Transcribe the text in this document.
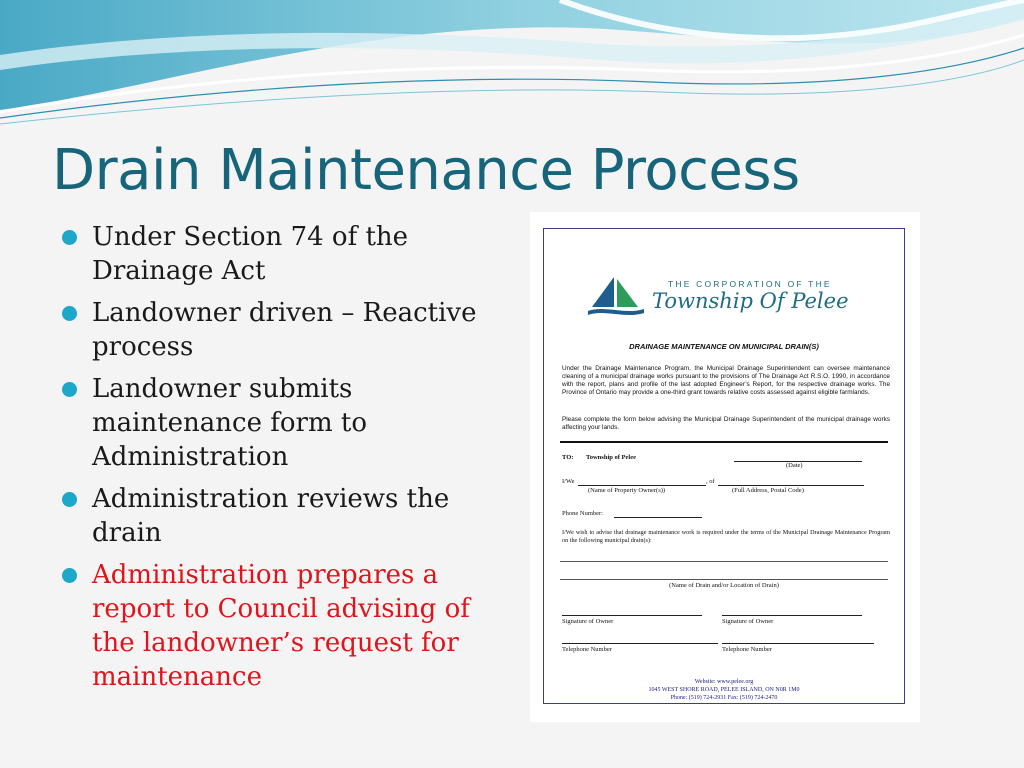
Drain Maintenance Process
Under Section 74 of the Drainage Act
Landowner driven – Reactive process
Landowner submits maintenance form to Administration
Administration reviews the drain
Administration prepares a report to Council advising of the landowner’s request for maintenance
THE CORPORATION OF THE
Township Of Pelee
DRAINAGE MAINTENANCE ON MUNICIPAL DRAIN(S)
Under the Drainage Maintenance Program, the Municipal Drainage Superintendent can oversee maintenance cleaning of a municipal drainage works pursuant to the provisions of The Drainage Act R.S.O. 1990, in accordance with the report, plans and profile of the last adopted Engineer’s Report, for the respective drainage works. The Province of Ontario may provide a one-third grant towards relative costs assessed against eligible farmlands.
Please complete the form below advising the Municipal Drainage Superintendent of the municipal drainage works affecting your lands.
TO: Township of Pelee
(Date)
I/We	, of
(Name of Property Owner(s))	(Full Address, Postal Code)
Phone Number:
I/We wish to advise that drainage maintenance work is required under the terms of the Municipal Drainage Maintenance Program on the following municipal drain(s):
(Name of Drain and/or Location of Drain)
Signature of Owner	Signature of Owner
Telephone Number	Telephone Number
Website: www.pelee.org
1045 WEST SHORE ROAD, PELEE ISLAND, ON N0R 1M0
Phone: (519) 724-2931 Fax: (519) 724-2470
